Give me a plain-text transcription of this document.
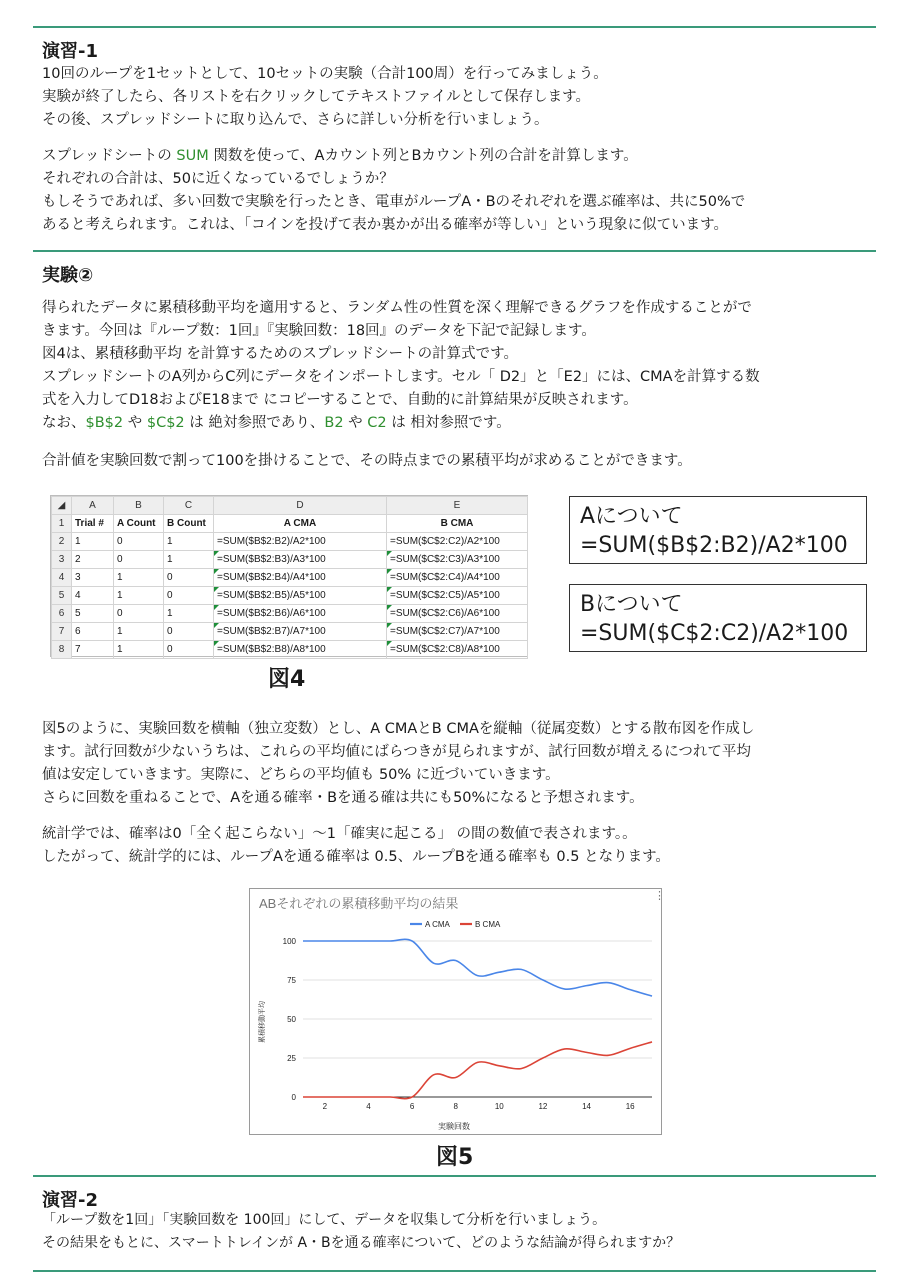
演習-1
10回のループを1セットとして、10セットの実験（合計100周）を行ってみましょう。
実験が終了したら、各リストを右クリックしてテキストファイルとして保存します。
その後、スプレッドシートに取り込んで、さらに詳しい分析を行いましょう。
スプレッドシートの SUM 関数を使って、Aカウント列とBカウント列の合計を計算します。
それぞれの合計は、50に近くなっているでしょうか？
もしそうであれば、多い回数で実験を行ったとき、電車がループA・Bのそれぞれを選ぶ確率は、共に50%で
あると考えられます。これは、「コインを投げて表か裏かが出る確率が等しい」という現象に似ています。
実験②
得られたデータに累積移動平均を適用すると、ランダム性の性質を深く理解できるグラフを作成することがで
きます。今回は『ループ数：1回』『実験回数：18回』のデータを下記で記録します。
図4は、累積移動平均 を計算するためのスプレッドシートの計算式です。
スプレッドシートのA列からC列にデータをインポートします。セル「 D2」と「E2」には、CMAを計算する数
式を入力してD18およびE18まで にコピーすることで、自動的に計算結果が反映されます。
なお、$B$2 や $C$2 は 絶対参照であり、B2 や C2 は 相対参照です。
合計値を実験回数で割って100を掛けることで、その時点までの累積平均が求めることができます。
◢	A	B	C	D	E
1	Trial #	A Count	B Count	A CMA	B CMA
2	1	0	1	=SUM($B$2:B2)/A2*100	=SUM($C$2:C2)/A2*100
3	2	0	1	=SUM($B$2:B3)/A3*100	=SUM($C$2:C3)/A3*100
4	3	1	0	=SUM($B$2:B4)/A4*100	=SUM($C$2:C4)/A4*100
5	4	1	0	=SUM($B$2:B5)/A5*100	=SUM($C$2:C5)/A5*100
6	5	0	1	=SUM($B$2:B6)/A6*100	=SUM($C$2:C6)/A6*100
7	6	1	0	=SUM($B$2:B7)/A7*100	=SUM($C$2:C7)/A7*100
8	7	1	0	=SUM($B$2:B8)/A8*100	=SUM($C$2:C8)/A8*100
Aについて
=SUM($B$2:B2)/A2*100
Bについて
=SUM($C$2:C2)/A2*100
図4
図5のように、実験回数を横軸（独立変数）とし、A CMAとB CMAを縦軸（従属変数）とする散布図を作成し
ます。試行回数が少ないうちは、これらの平均値にばらつきが見られますが、試行回数が増えるにつれて平均
値は安定していきます。実際に、どちらの平均値も 50% に近づいていきます。
さらに回数を重ねることで、Aを通る確率・Bを通る確は共にも50%になると予想されます。
統計学では、確率は0「全く起こらない」〜1「確実に起こる」 の間の数値で表されます。。
したがって、統計学的には、ループAを通る確率は 0.5、ループBを通る確率も 0.5 となります。
ABそれぞれの累積移動平均の結果	⋮
A CMA	B CMA
0
25
50
75
100
2	4	6	8	10	12	14	16
実験回数
累積移動平均
図5
演習-2
「ループ数を1回」「実験回数を 100回」にして、データを収集して分析を行いましょう。
その結果をもとに、スマートトレインが A・Bを通る確率について、どのような結論が得られますか？
